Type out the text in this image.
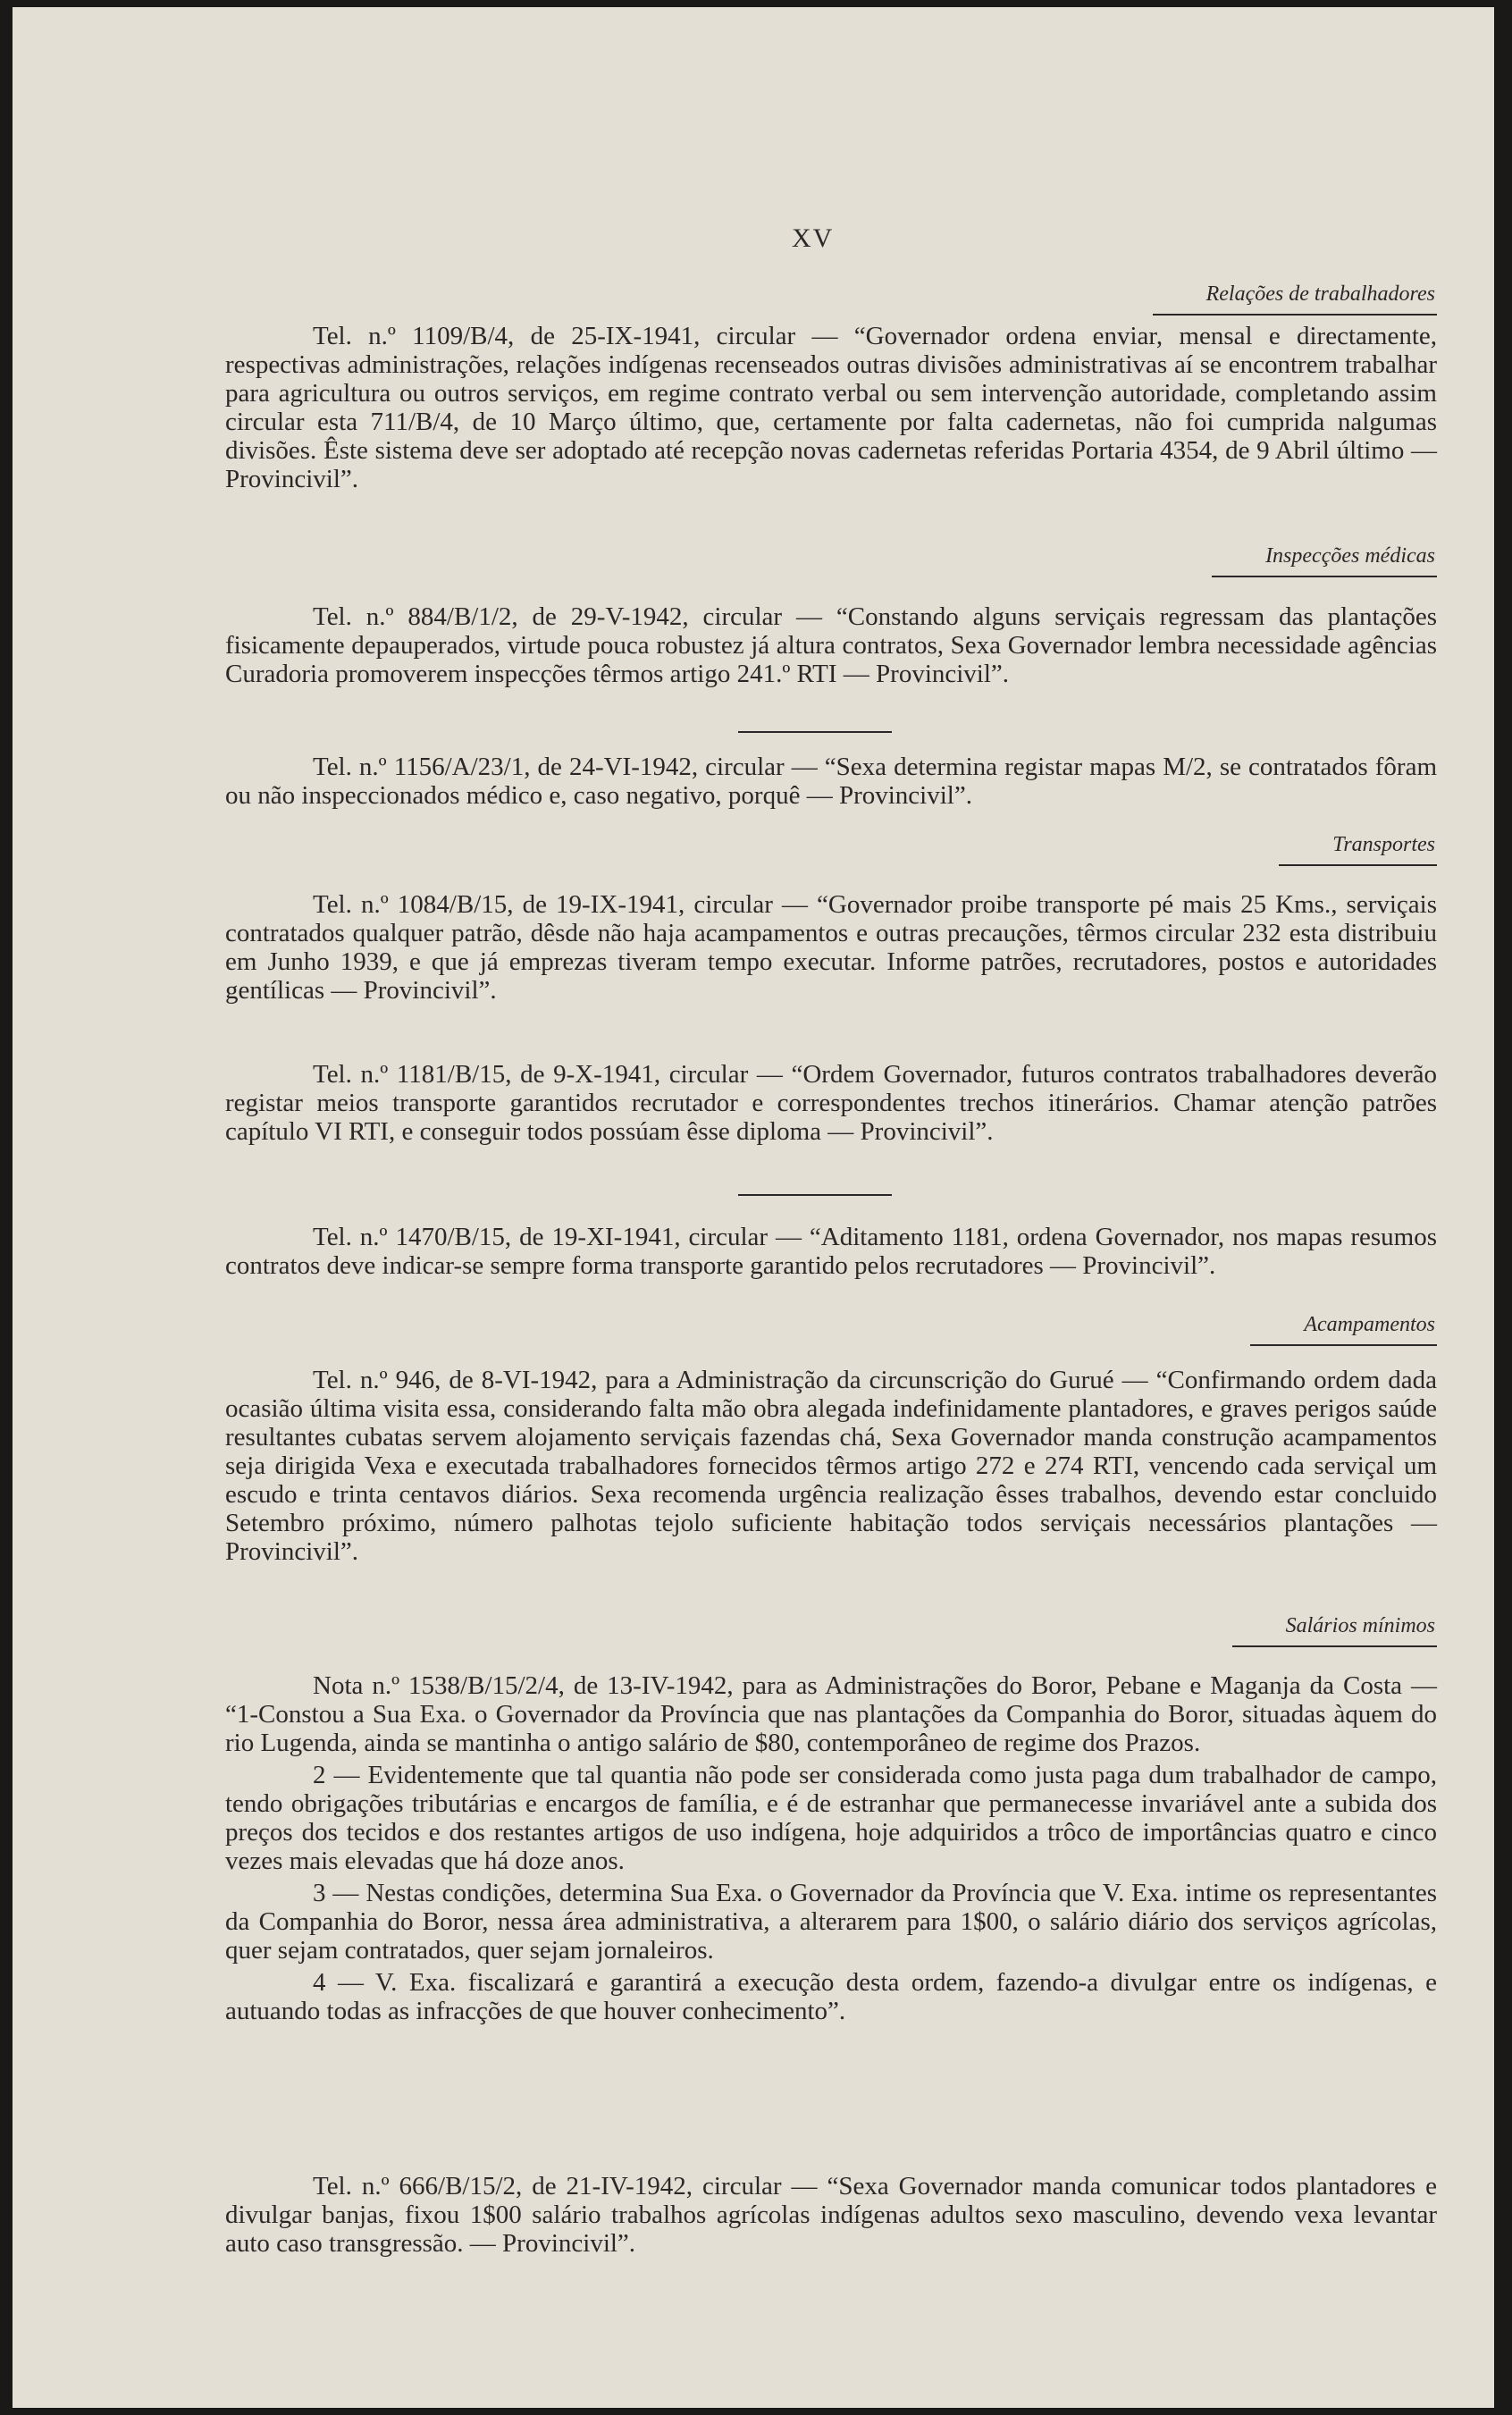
XV
Relações de trabalhadores

Tel. n.º 1109/B/4, de 25-IX-1941, circular — “Governador ordena enviar, mensal e directamente, respectivas administrações, relações indígenas recenseados outras divisões administrativas aí se encontrem trabalhar para agricultura ou outros serviços, em regime contrato verbal ou sem intervenção autoridade, completando assim circular esta 711/B/4, de 10 Março último, que, certamente por falta cadernetas, não foi cumprida nalgumas divisões. Êste sistema deve ser adoptado até recepção novas cadernetas referidas Portaria 4354, de 9 Abril último — Provincivil”.

Inspecções médicas

Tel. n.º 884/B/1/2, de 29-V-1942, circular — “Constando alguns serviçais regressam das plantações fisicamente depauperados, virtude pouca robustez já altura contratos, Sexa Governador lembra necessidade agências Curadoria promoverem inspecções têrmos artigo 241.º RTI — Provincivil”.

Tel. n.º 1156/A/23/1, de 24-VI-1942, circular — “Sexa determina registar mapas M/2, se contratados fôram ou não inspeccionados médico e, caso negativo, porquê — Provincivil”.

Transportes

Tel. n.º 1084/B/15, de 19-IX-1941, circular — “Governador proibe transporte pé mais 25 Kms., serviçais contratados qualquer patrão, dêsde não haja acampamentos e outras precauções, têrmos circular 232 esta distribuiu em Junho 1939, e que já emprezas tiveram tempo executar. Informe patrões, recrutadores, postos e autoridades gentílicas — Provincivil”.

Tel. n.º 1181/B/15, de 9-X-1941, circular — “Ordem Governador, futuros contratos trabalhadores deverão registar meios transporte garantidos recrutador e correspondentes trechos itinerários. Chamar atenção patrões capítulo VI RTI, e conseguir todos possúam êsse diploma — Provincivil”.

Tel. n.º 1470/B/15, de 19-XI-1941, circular — “Aditamento 1181, ordena Governador, nos mapas resumos contratos deve indicar-se sempre forma transporte garantido pelos recrutadores — Provincivil”.

Acampamentos

Tel. n.º 946, de 8-VI-1942, para a Administração da circunscrição do Gurué — “Confirmando ordem dada ocasião última visita essa, considerando falta mão obra alegada indefinidamente plantadores, e graves perigos saúde resultantes cubatas servem alojamento serviçais fazendas chá, Sexa Governador manda construção acampamentos seja dirigida Vexa e executada trabalhadores fornecidos têrmos artigo 272 e 274 RTI, vencendo cada serviçal um escudo e trinta centavos diários. Sexa recomenda urgência realização êsses trabalhos, devendo estar concluido Setembro próximo, número palhotas tejolo suficiente habitação todos serviçais necessários plantações — Provincivil”.

Salários mínimos

Nota n.º 1538/B/15/2/4, de 13-IV-1942, para as Administrações do Boror, Pebane e Maganja da Costa — “1-Constou a Sua Exa. o Governador da Província que nas plantações da Companhia do Boror, situadas àquem do rio Lugenda, ainda se mantinha o antigo salário de $80, contemporâneo de regime dos Prazos.

2 — Evidentemente que tal quantia não pode ser considerada como justa paga dum trabalhador de campo, tendo obrigações tributárias e encargos de família, e é de estranhar que permanecesse invariável ante a subida dos preços dos tecidos e dos restantes artigos de uso indígena, hoje adquiridos a trôco de importâncias quatro e cinco vezes mais elevadas que há doze anos.

3 — Nestas condições, determina Sua Exa. o Governador da Província que V. Exa. intime os representantes da Companhia do Boror, nessa área administrativa, a alterarem para 1$00, o salário diário dos serviços agrícolas, quer sejam contratados, quer sejam jornaleiros.

4 — V. Exa. fiscalizará e garantirá a execução desta ordem, fazendo-a divulgar entre os indígenas, e autuando todas as infracções de que houver conhecimento”.

Tel. n.º 666/B/15/2, de 21-IV-1942, circular — “Sexa Governador manda comunicar todos plantadores e divulgar banjas, fixou 1$00 salário trabalhos agrícolas indígenas adultos sexo masculino, devendo vexa levantar auto caso transgressão. — Provincivil”.
